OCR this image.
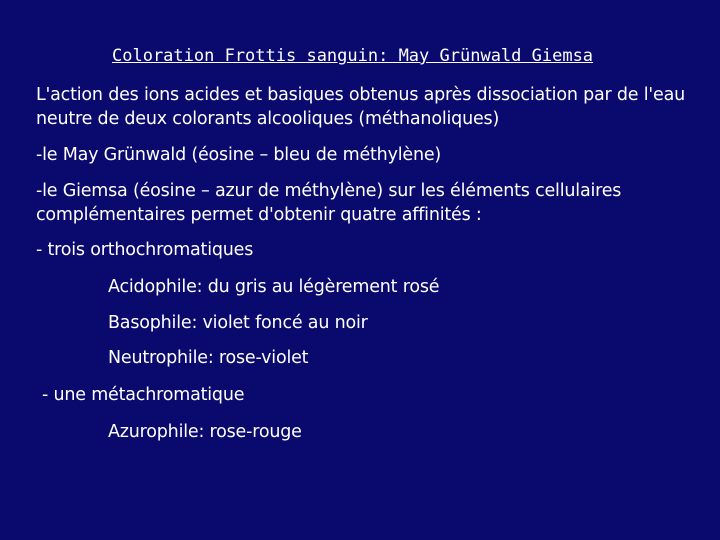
Coloration Frottis sanguin: May Grünwald Giemsa
L'action des ions acides et basiques obtenus après dissociation par de l'eau neutre de deux colorants alcooliques (méthanoliques)
-le May Grünwald (éosine – bleu de méthylène)
-le Giemsa (éosine – azur de méthylène) sur les éléments cellulaires complémentaires permet d'obtenir quatre affinités :
- trois orthochromatiques
Acidophile: du gris au légèrement rosé
Basophile: violet foncé au noir
Neutrophile: rose-violet
- une métachromatique
Azurophile: rose-rouge
